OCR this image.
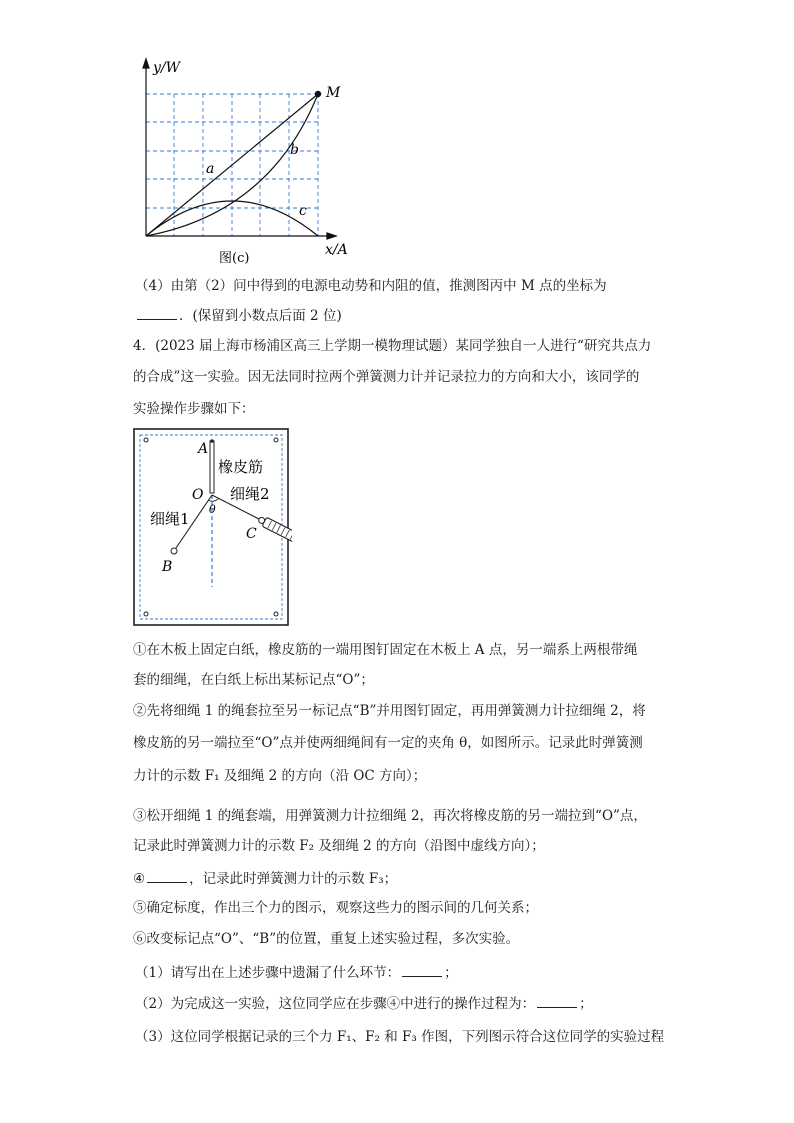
y/W
M
a
b
c
x/A
图(c)
（4）由第（2）问中得到的电源电动势和内阻的值，推测图丙中 M 点的坐标为
．(保留到小数点后面 2 位)
4．(2023 届上海市杨浦区高三上学期一模物理试题）某同学独自一人进行“研究共点力
的合成”这一实验。因无法同时拉两个弹簧测力计并记录拉力的方向和大小，该同学的
实验操作步骤如下：
A
橡皮筋
O 细绳2
θ
细绳1
C
B
①在木板上固定白纸，橡皮筋的一端用图钉固定在木板上 A 点，另一端系上两根带绳
套的细绳，在白纸上标出某标记点“O”；
②先将细绳 1 的绳套拉至另一标记点“B”并用图钉固定，再用弹簧测力计拉细绳 2，将
橡皮筋的另一端拉至“O”点并使两细绳间有一定的夹角 θ，如图所示。记录此时弹簧测
力计的示数 F₁ 及细绳 2 的方向（沿 OC 方向）；
③松开细绳 1 的绳套端，用弹簧测力计拉细绳 2，再次将橡皮筋的另一端拉到“O”点，
记录此时弹簧测力计的示数 F₂ 及细绳 2 的方向（沿图中虚线方向）；
④	，记录此时弹簧测力计的示数 F₃；
⑤确定标度，作出三个力的图示，观察这些力的图示间的几何关系；
⑥改变标记点“O”、“B”的位置，重复上述实验过程，多次实验。
（1）请写出在上述步骤中遗漏了什么环节：	；
（2）为完成这一实验，这位同学应在步骤④中进行的操作过程为：	；
（3）这位同学根据记录的三个力 F₁、F₂ 和 F₃ 作图，下列图示符合这位同学的实验过程
